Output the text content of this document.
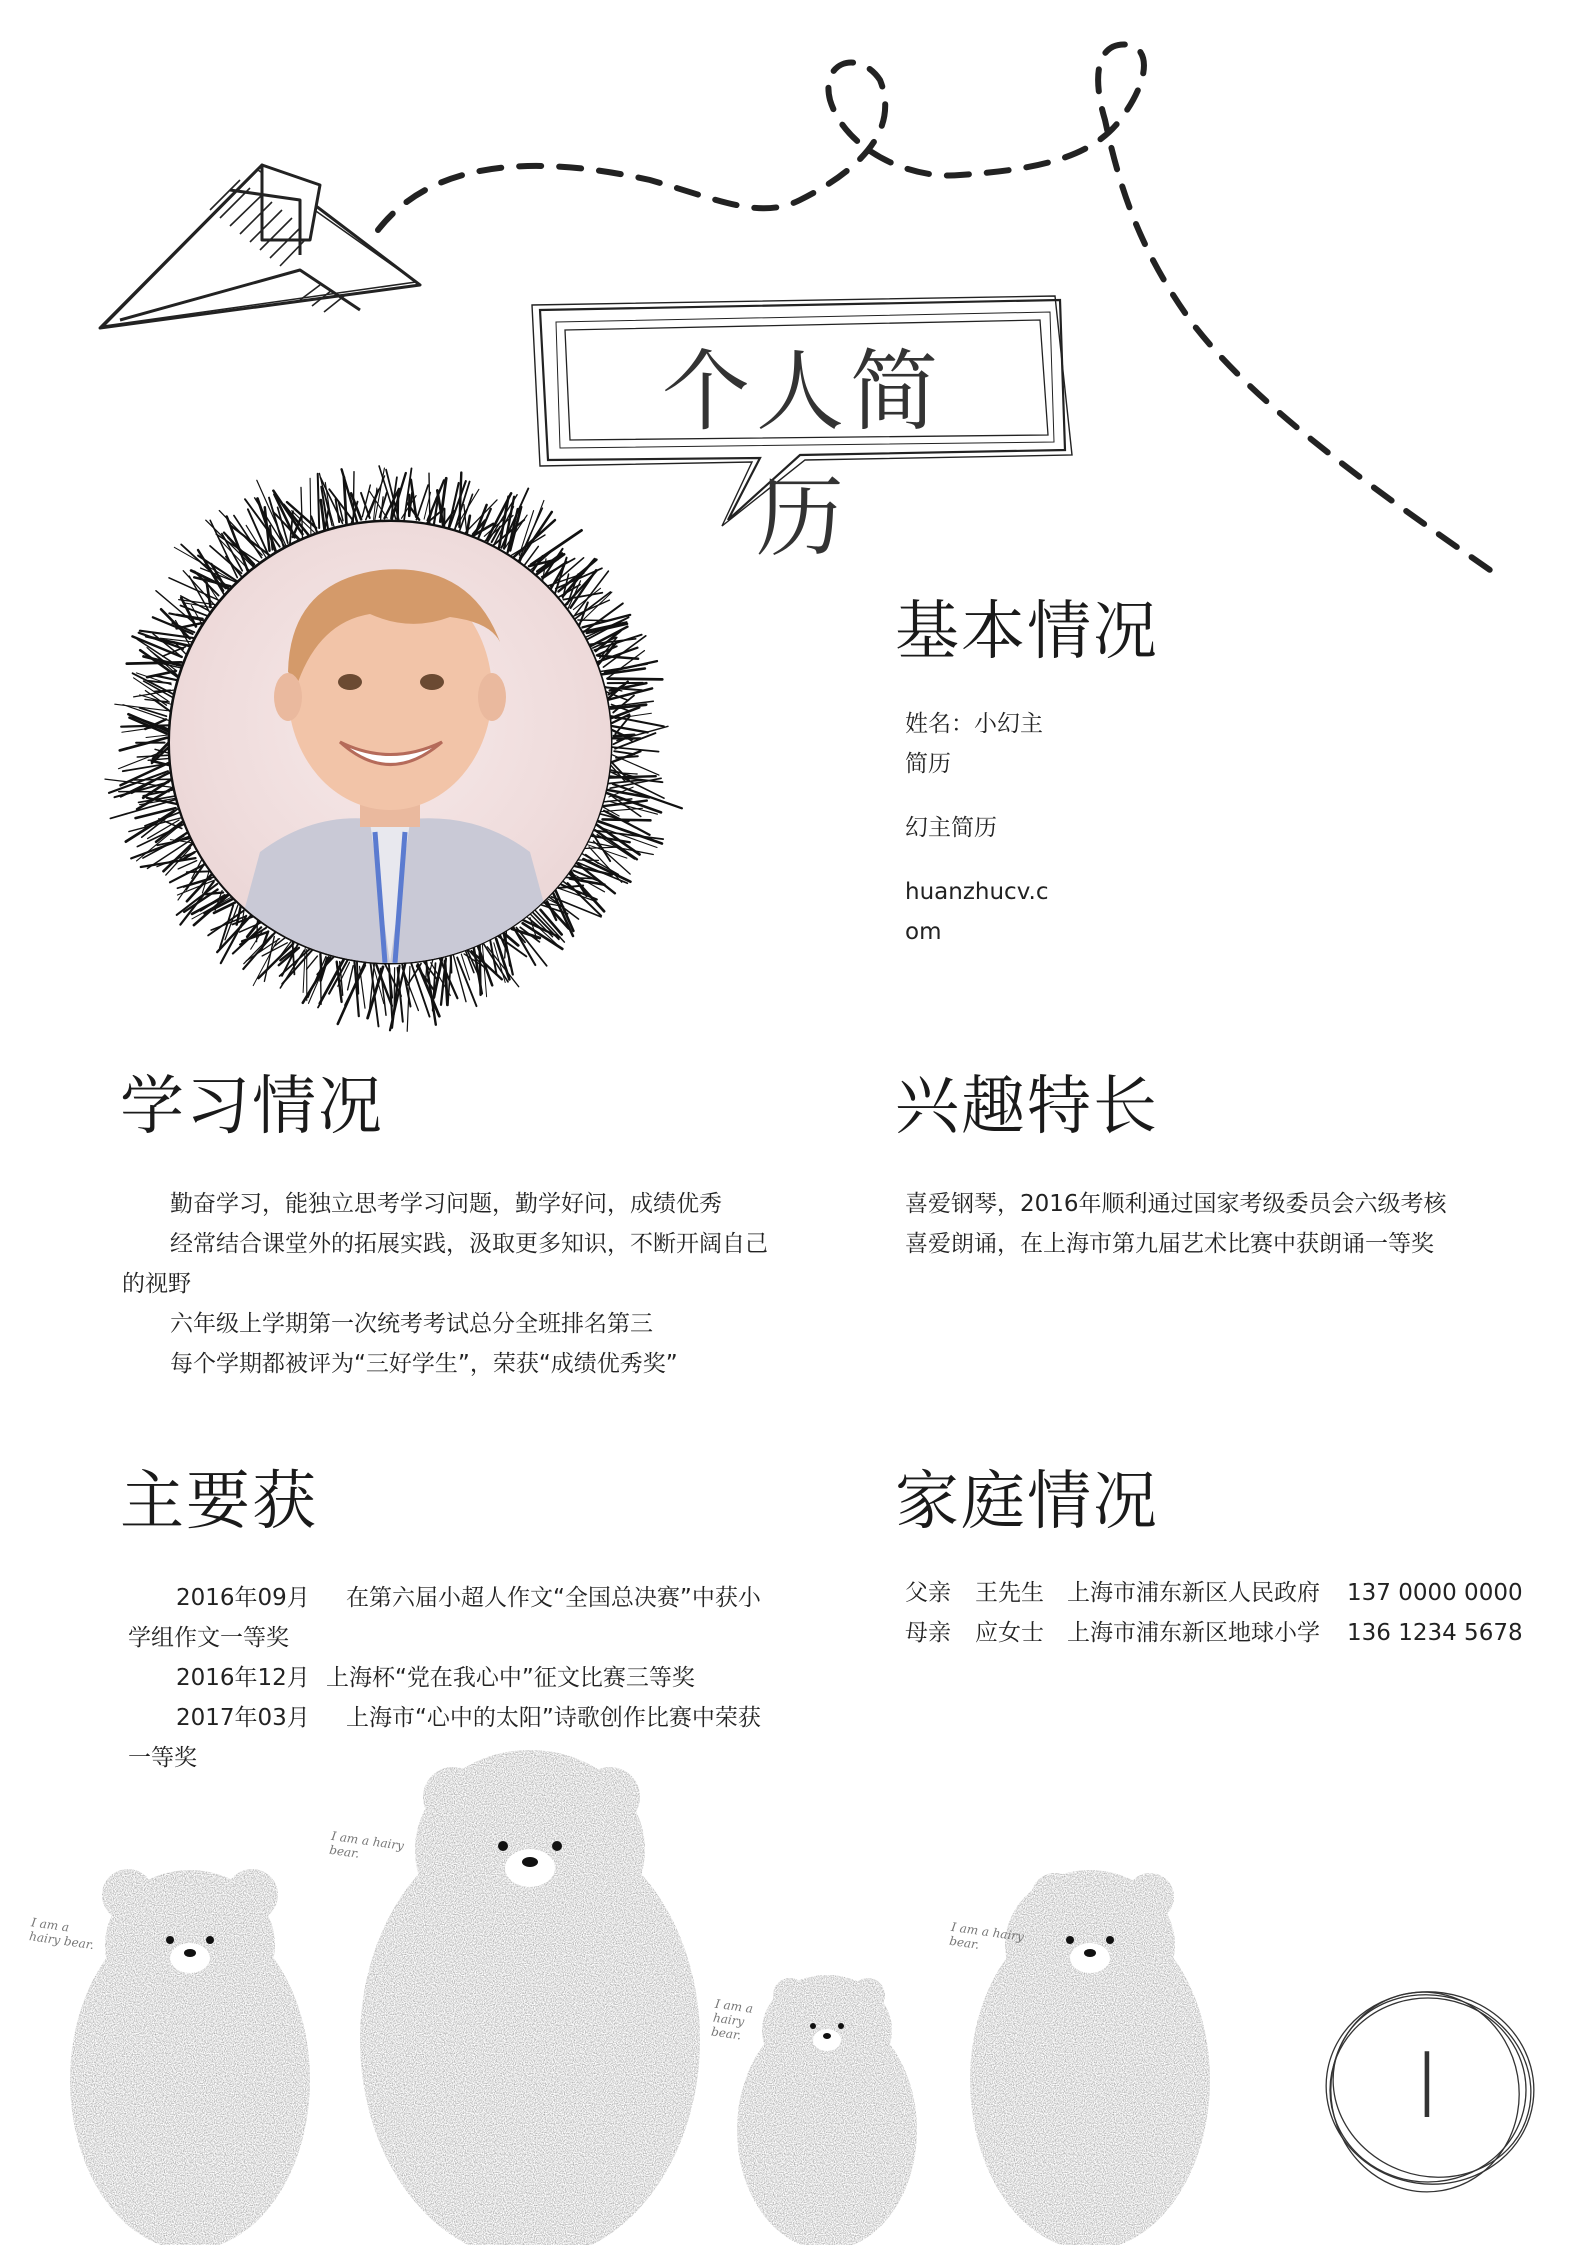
个人简历
基本情况

姓名：小幻主

简历

幻主简历

huanzhucv.c

om

学习情况

勤奋学习，能独立思考学习问题，勤学好问，成绩优秀

经常结合课堂外的拓展实践，汲取更多知识，不断开阔自己

的视野

六年级上学期第一次统考考试总分全班排名第三

每个学期都被评为“三好学生”，荣获“成绩优秀奖”

兴趣特长

喜爱钢琴，2016年顺利通过国家考级委员会六级考核

喜爱朗诵，在上海市第九届艺术比赛中获朗诵一等奖

主要获

2016年09月 在第六届小超人作文“全国总决赛”中获小

学组作文一等奖

2016年12月 上海杯“党在我心中”征文比赛三等奖

2017年03月 上海市“心中的太阳”诗歌创作比赛中荣获

一等奖

家庭情况

父亲 王先生 上海市浦东新区人民政府 137 0000 0000

母亲 应女士 上海市浦东新区地球小学 136 1234 5678

I am a hairy bear.
I am a hairy bear.
I am a hairy bear.
I am a hairy bear.
I
